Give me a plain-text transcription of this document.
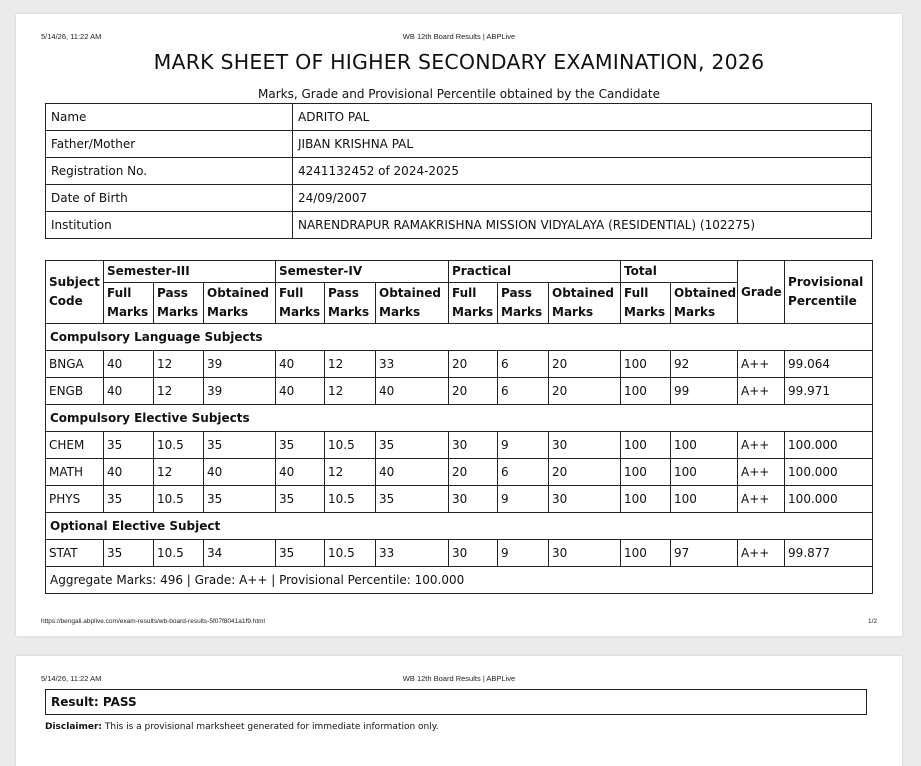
5/14/26, 11:22 AM	WB 12th Board Results | ABPLive
MARK SHEET OF HIGHER SECONDARY EXAMINATION, 2026
Marks, Grade and Provisional Percentile obtained by the Candidate
Name	ADRITO PAL
Father/Mother	JIBAN KRISHNA PAL
Registration No.	4241132452 of 2024-2025
Date of Birth	24/09/2007
Institution	NARENDRAPUR RAMAKRISHNA MISSION VIDYALAYA (RESIDENTIAL) (102275)
Subject Code	Semester-III			Semester-IV			Practical			Total		Grade	Provisional Percentile
	Full Marks	Pass Marks	Obtained Marks	Full Marks	Pass Marks	Obtained Marks	Full Marks	Pass Marks	Obtained Marks	Full Marks	Obtained Marks		
Compulsory Language Subjects													
BNGA	40	12	39	40	12	33	20	6	20	100	92	A++	99.064
ENGB	40	12	39	40	12	40	20	6	20	100	99	A++	99.971
Compulsory Elective Subjects													
CHEM	35	10.5	35	35	10.5	35	30	9	30	100	100	A++	100.000
MATH	40	12	40	40	12	40	20	6	20	100	100	A++	100.000
PHYS	35	10.5	35	35	10.5	35	30	9	30	100	100	A++	100.000
Optional Elective Subject													
STAT	35	10.5	34	35	10.5	33	30	9	30	100	97	A++	99.877
Aggregate Marks: 496 | Grade: A++ | Provisional Percentile: 100.000													
https://bengali.abplive.com/exam-results/wb-board-results-5f07f8041a1f9.html	1/2
5/14/26, 11:22 AM	WB 12th Board Results | ABPLive
Result: PASS
Disclaimer: This is a provisional marksheet generated for immediate information only.
